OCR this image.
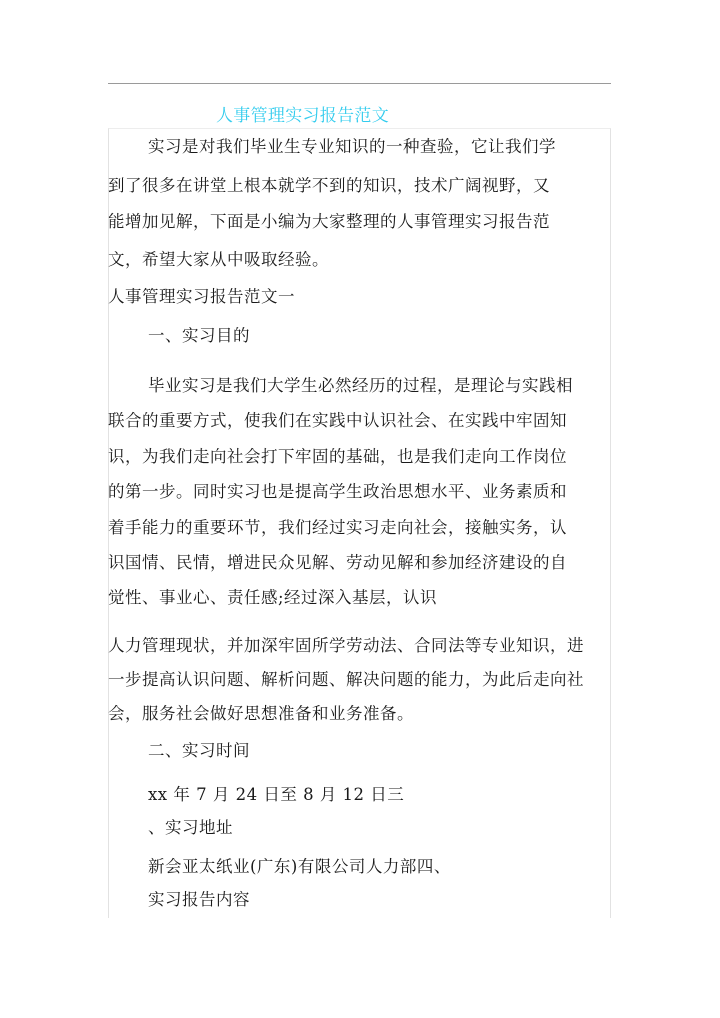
人事管理实习报告范文
实习是对我们毕业生专业知识的一种查验，它让我们学
到了很多在讲堂上根本就学不到的知识，技术广阔视野，又
能增加见解，下面是小编为大家整理的人事管理实习报告范
文，希望大家从中吸取经验。
人事管理实习报告范文一
一、实习目的
毕业实习是我们大学生必然经历的过程，是理论与实践相
联合的重要方式，使我们在实践中认识社会、在实践中牢固知
识，为我们走向社会打下牢固的基础，也是我们走向工作岗位
的第一步。同时实习也是提高学生政治思想水平、业务素质和
着手能力的重要环节，我们经过实习走向社会，接触实务，认
识国情、民情，增进民众见解、劳动见解和参加经济建设的自
觉性、事业心、责任感;经过深入基层，认识
人力管理现状，并加深牢固所学劳动法、合同法等专业知识，进
一步提高认识问题、解析问题、解决问题的能力，为此后走向社
会，服务社会做好思想准备和业务准备。
二、实习时间
xx 年 7 月 24 日至 8 月 12 日三
、实习地址
新会亚太纸业(广东)有限公司人力部四、
实习报告内容
